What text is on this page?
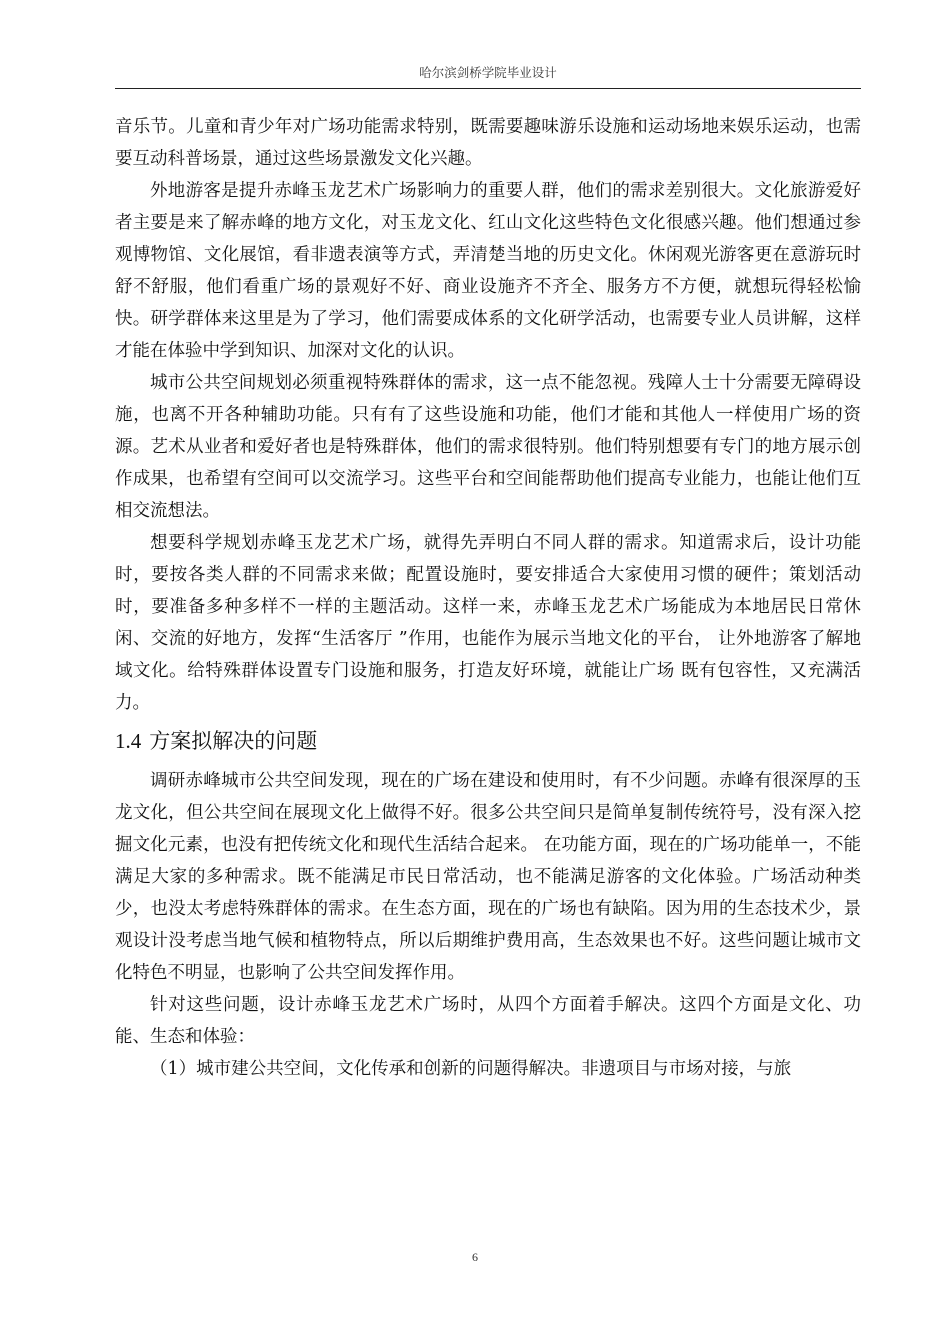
哈尔滨剑桥学院毕业设计

音乐节。儿童和青少年对广场功能需求特别，既需要趣味游乐设施和运动场地来娱乐运动，也需要互动科普场景，通过这些场景激发文化兴趣。

外地游客是提升赤峰玉龙艺术广场影响力的重要人群，他们的需求差别很大。文化旅游爱好者主要是来了解赤峰的地方文化，对玉龙文化、红山文化这些特色文化很感兴趣。他们想通过参观博物馆、文化展馆，看非遗表演等方式，弄清楚当地的历史文化。休闲观光游客更在意游玩时舒不舒服，他们看重广场的景观好不好、商业设施齐不齐全、服务方不方便，就想玩得轻松愉快。研学群体来这里是为了学习，他们需要成体系的文化研学活动，也需要专业人员讲解，这样才能在体验中学到知识、加深对文化的认识。

城市公共空间规划必须重视特殊群体的需求，这一点不能忽视。残障人士十分需要无障碍设施，也离不开各种辅助功能。只有有了这些设施和功能，他们才能和其他人一样使用广场的资源。艺术从业者和爱好者也是特殊群体，他们的需求很特别。他们特别想要有专门的地方展示创作成果，也希望有空间可以交流学习。这些平台和空间能帮助他们提高专业能力，也能让他们互相交流想法。

想要科学规划赤峰玉龙艺术广场，就得先弄明白不同人群的需求。知道需求后，设计功能时，要按各类人群的不同需求来做；配置设施时，要安排适合大家使用习惯的硬件；策划活动时，要准备多种多样不一样的主题活动。这样一来，赤峰玉龙艺术广场能成为本地居民日常休闲、交流的好地方，发挥“生活客厅 ”作用，也能作为展示当地文化的平台， 让外地游客了解地域文化。给特殊群体设置专门设施和服务，打造友好环境，就能让广场 既有包容性，又充满活力。

1.4 方案拟解决的问题

调研赤峰城市公共空间发现，现在的广场在建设和使用时，有不少问题。赤峰有很深厚的玉龙文化，但公共空间在展现文化上做得不好。很多公共空间只是简单复制传统符号，没有深入挖掘文化元素，也没有把传统文化和现代生活结合起来。 在功能方面，现在的广场功能单一，不能满足大家的多种需求。既不能满足市民日常活动，也不能满足游客的文化体验。广场活动种类少，也没太考虑特殊群体的需求。在生态方面，现在的广场也有缺陷。因为用的生态技术少，景观设计没考虑当地气候和植物特点，所以后期维护费用高，生态效果也不好。这些问题让城市文化特色不明显，也影响了公共空间发挥作用。

针对这些问题，设计赤峰玉龙艺术广场时，从四个方面着手解决。这四个方面是文化、功能、生态和体验：

（1）城市建公共空间，文化传承和创新的问题得解决。非遗项目与市场对接，与旅

6
